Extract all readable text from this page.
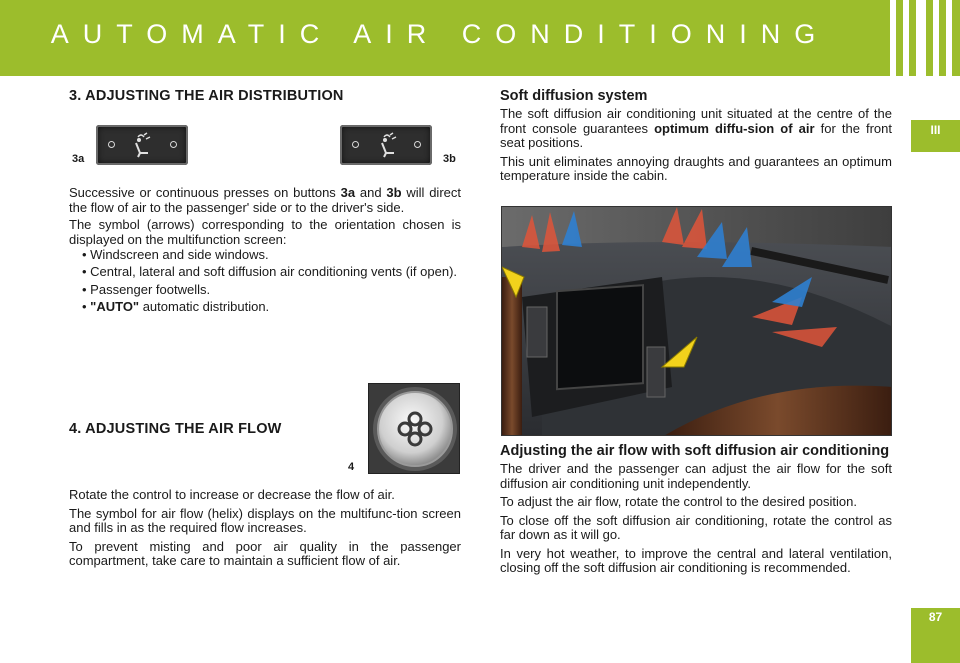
AUTOMATIC AIR CONDITIONING
III
87
3. ADJUSTING THE AIR DISTRIBUTION
3a	3b

Successive or continuous presses on buttons 3a and 3b will direct the flow of air to the passenger' side or to the driver's side.

The symbol (arrows) corresponding to the orientation chosen is displayed on the multifunction screen:

• Windscreen and side windows.
• Central, lateral and soft diffusion air conditioning vents (if open).
• Passenger footwells.
• "AUTO" automatic distribution.
4. ADJUSTING THE AIR FLOW
4

Rotate the control to increase or decrease the flow of air.

The symbol for air flow (helix) displays on the multifunc-tion screen and fills in as the required flow increases.

To prevent misting and poor air quality in the passenger compartment, take care to maintain a sufficient flow of air.

Soft diffusion system

The soft diffusion air conditioning unit situated at the centre of the front console guarantees optimum diffu-sion of air for the front seat positions.

This unit eliminates annoying draughts and guarantees an optimum temperature inside the cabin.

Adjusting the air flow with soft diffusion air conditioning

The driver and the passenger can adjust the air flow for the soft diffusion air conditioning unit independently.

To adjust the air flow, rotate the control to the desired position.

To close off the soft diffusion air conditioning, rotate the control as far down as it will go.

In very hot weather, to improve the central and lateral ventilation, closing off the soft diffusion air conditioning is recommended.
